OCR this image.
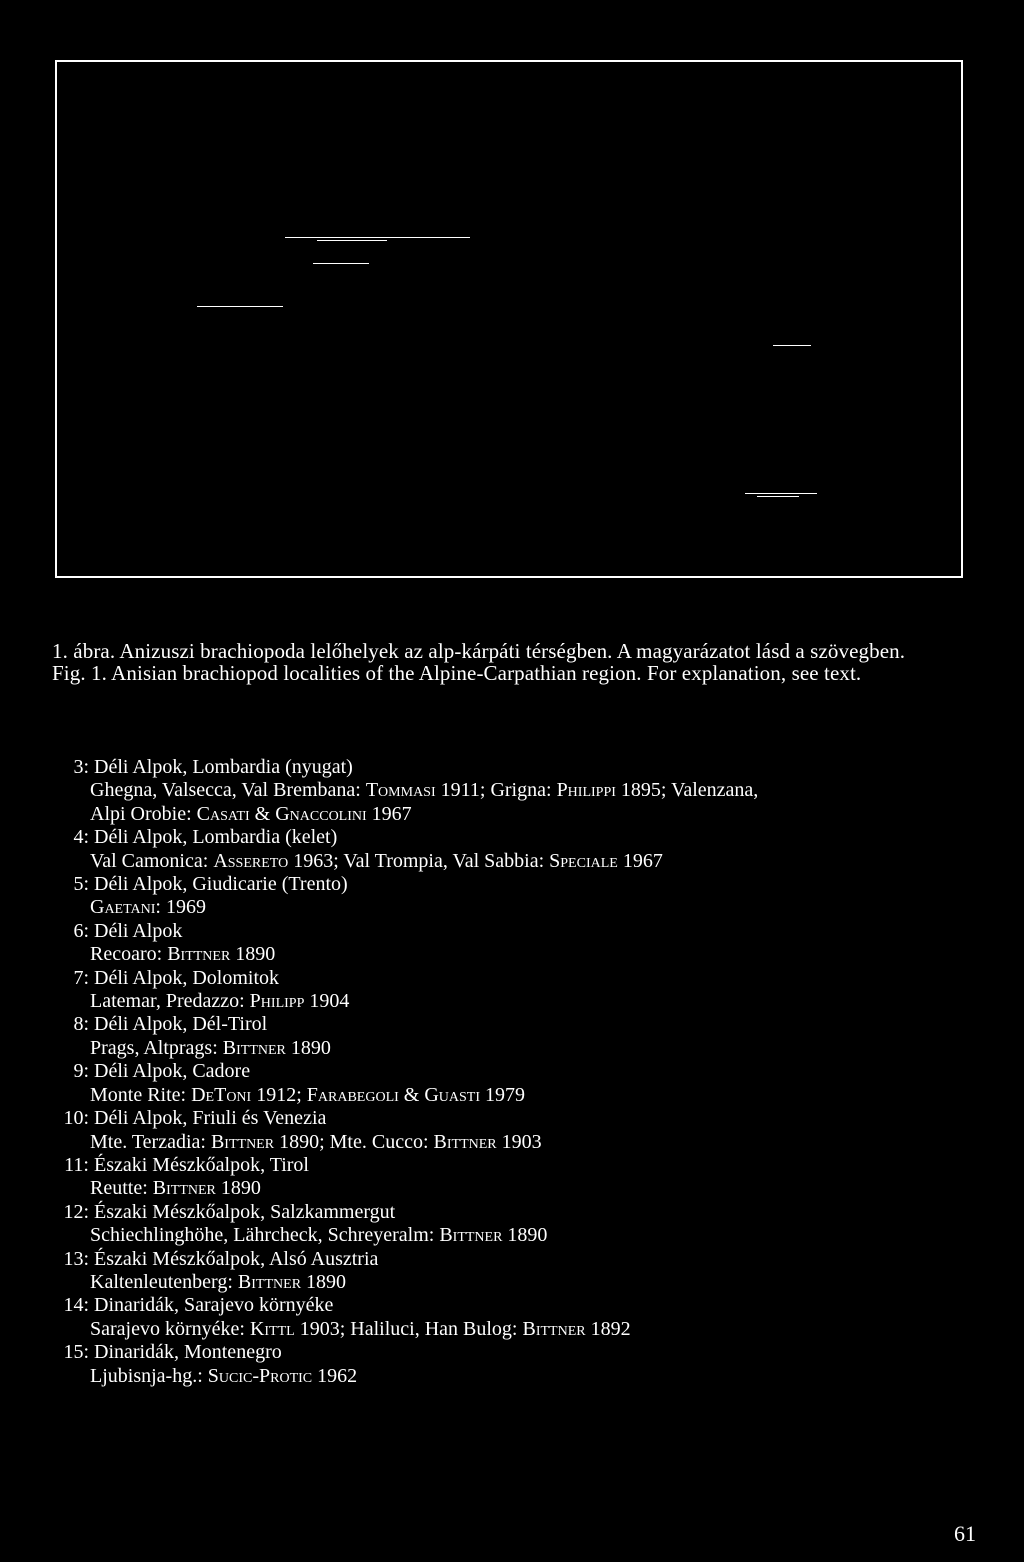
1. ábra. Anizuszi brachiopoda lelőhelyek az alp-kárpáti térségben. A magyarázatot lásd a szövegben.

Fig. 1. Anisian brachiopod localities of the Alpine-Carpathian region. For explanation, see text.

3: Déli Alpok, Lombardia (nyugat)
Ghegna, Valsecca, Val Brembana: Tommasi 1911; Grigna: Philippi 1895; Valenzana,
Alpi Orobie: Casati & Gnaccolini 1967
4: Déli Alpok, Lombardia (kelet)
Val Camonica: Assereto 1963; Val Trompia, Val Sabbia: Speciale 1967
5: Déli Alpok, Giudicarie (Trento)
Gaetani: 1969
6: Déli Alpok
Recoaro: Bittner 1890
7: Déli Alpok, Dolomitok
Latemar, Predazzo: Philipp 1904
8: Déli Alpok, Dél-Tirol
Prags, Altprags: Bittner 1890
9: Déli Alpok, Cadore
Monte Rite: DeToni 1912; Farabegoli & Guasti 1979
10: Déli Alpok, Friuli és Venezia
Mte. Terzadia: Bittner 1890; Mte. Cucco: Bittner 1903
11: Északi Mészkőalpok, Tirol
Reutte: Bittner 1890
12: Északi Mészkőalpok, Salzkammergut
Schiechlinghöhe, Lährcheck, Schreyeralm: Bittner 1890
13: Északi Mészkőalpok, Alsó Ausztria
Kaltenleutenberg: Bittner 1890
14: Dinaridák, Sarajevo környéke
Sarajevo környéke: Kittl 1903; Haliluci, Han Bulog: Bittner 1892
15: Dinaridák, Montenegro
Ljubisnja-hg.: Sucic-Protic 1962
61
